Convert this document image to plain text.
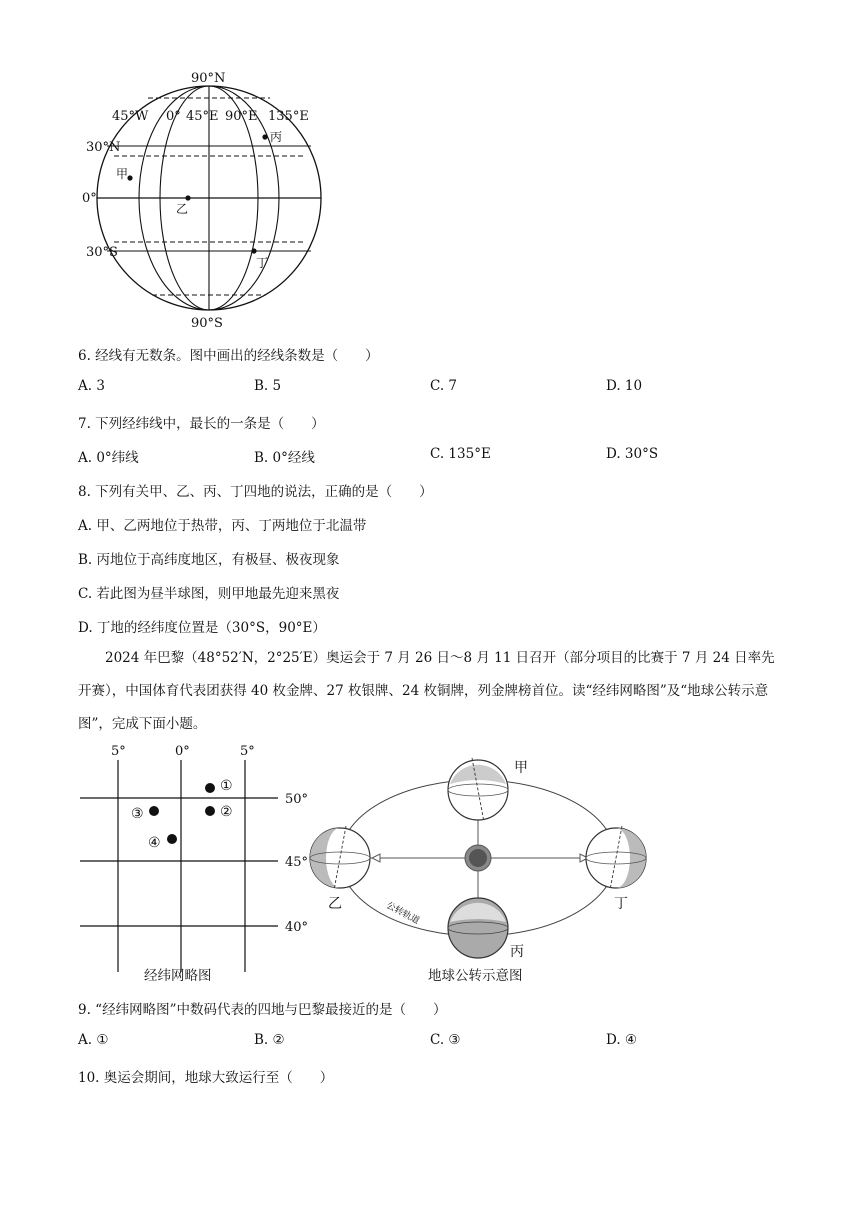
90°N
45°W 0° 45°E 90°E 135°E
30°N
0°
30°S
90°S
甲
乙
丙
丁
6. 经线有无数条。图中画出的经线条数是（　　）
A. 3	B. 5	C. 7	D. 10
7. 下列经纬线中，最长的一条是（　　）
A. 0°纬线	B. 0°经线	C. 135°E	D. 30°S
8. 下列有关甲、乙、丙、丁四地的说法，正确的是（　　）
A. 甲、乙两地位于热带，丙、丁两地位于北温带
B. 丙地位于高纬度地区，有极昼、极夜现象
C. 若此图为昼半球图，则甲地最先迎来黑夜
D. 丁地的经纬度位置是（30°S，90°E）
2024 年巴黎（48°52′N，2°25′E）奥运会于 7 月 26 日～8 月 11 日召开（部分项目的比赛于 7 月 24 日率先开赛），中国体育代表团获得 40 枚金牌、27 枚银牌、24 枚铜牌，列金牌榜首位。读“经纬网略图”及“地球公转示意图”，完成下面小题。
5°	0°	5°
50°
45°
40°
①
②
③
④
经纬网略图
甲
乙
丙
丁
公转轨道
地球公转示意图
9. “经纬网略图”中数码代表的四地与巴黎最接近的是（　　）
A. ①	B. ②	C. ③	D. ④
10. 奥运会期间，地球大致运行至（　　）
